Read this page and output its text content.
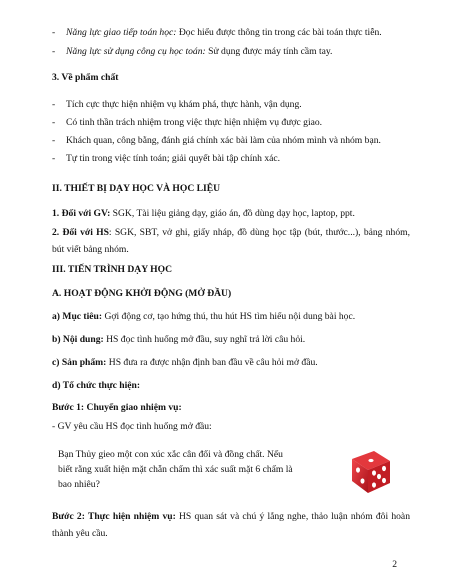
- Năng lực giao tiếp toán học: Đọc hiểu được thông tin trong các bài toán thực tiễn.
- Năng lực sử dụng công cụ học toán: Sử dụng được máy tính cầm tay.
3. Về phẩm chất
- Tích cực thực hiện nhiệm vụ khám phá, thực hành, vận dụng.
- Có tinh thần trách nhiệm trong việc thực hiện nhiệm vụ được giao.
- Khách quan, công bằng, đánh giá chính xác bài làm của nhóm mình và nhóm bạn.
- Tự tin trong việc tính toán; giải quyết bài tập chính xác.
II. THIẾT BỊ DẠY HỌC VÀ HỌC LIỆU
1. Đối với GV: SGK, Tài liệu giảng dạy, giáo án, đồ dùng dạy học, laptop, ppt.
2. Đối với HS: SGK, SBT, vở ghi, giấy nháp, đồ dùng học tập (bút, thước...), bảng nhóm, bút viết bảng nhóm.
III. TIẾN TRÌNH DẠY HỌC
A. HOẠT ĐỘNG KHỞI ĐỘNG (MỞ ĐẦU)
a) Mục tiêu: Gợi động cơ, tạo hứng thú, thu hút HS tìm hiểu nội dung bài học.
b) Nội dung: HS đọc tình huống mở đầu, suy nghĩ trả lời câu hỏi.
c) Sản phẩm: HS đưa ra được nhận định ban đầu về câu hỏi mở đầu.
d) Tổ chức thực hiện:
Bước 1: Chuyển giao nhiệm vụ:
- GV yêu cầu HS đọc tình huống mở đầu:
Bạn Thủy gieo một con xúc xắc cân đối và đồng chất. Nếu biết rằng xuất hiện mặt chẵn chấm thì xác suất mặt 6 chấm là bao nhiêu?
Bước 2: Thực hiện nhiệm vụ: HS quan sát và chú ý lắng nghe, thảo luận nhóm đôi hoàn thành yêu cầu.
2
